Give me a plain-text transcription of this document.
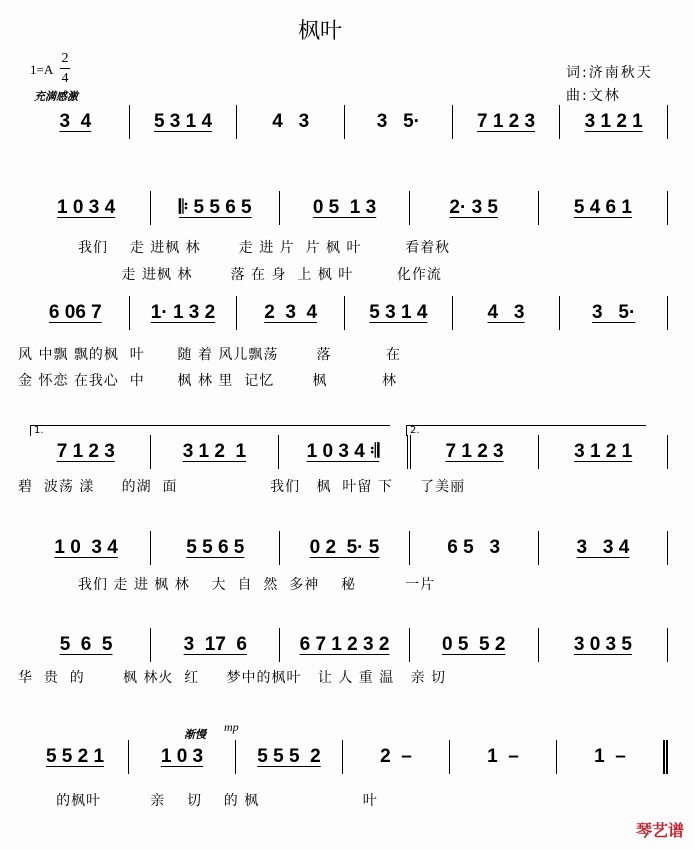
枫叶
1=A
2
4
充满感激
词:济南秋天
曲:文林
渐慢
mp
1.	2.
3  4	5 3 1 4	4   3	3   5·	7 1 2 3	3 1 2 1
1 0 3 4	𝄆 5 5 6 5	0 5  1 3	2· 3 5	5 4 6 1
我们    走 进枫 林       走 进 片  片 枫 叶        看着秋
走 进枫 林       落 在 身  上 枫 叶        化作流
6 06 7	1· 1 3 2	2  3  4	5 3 1 4	4   3	3   5·
风 中飘 飘的枫  叶      随 着 风儿飘荡       落          在
金 怀恋 在我心  中      枫 林 里  记忆       枫          林
7 1 2 3	3 1 2  1	1 0 3 4 𝄇	7 1 2 3	3 1 2 1
碧  波荡 漾     的湖  面                 我们   枫  叶留 下     了美丽
1 0  3 4	5 5 6 5	0 2  5· 5	6 5   3	3   3 4
我们 走 进 枫 林    大  自  然  多神    秘         一片
5  6  5	3  17  6	6 7 1 2 3 2	0 5  5 2	3 0 3 5
华  贵  的       枫 林火  红     梦中的枫叶   让 人 重 温   亲 切
5 5 2 1	1 0 3	5 5 5  2	2  –	1  –	1  –
的枫叶         亲    切    的 枫                   叶
琴艺谱
